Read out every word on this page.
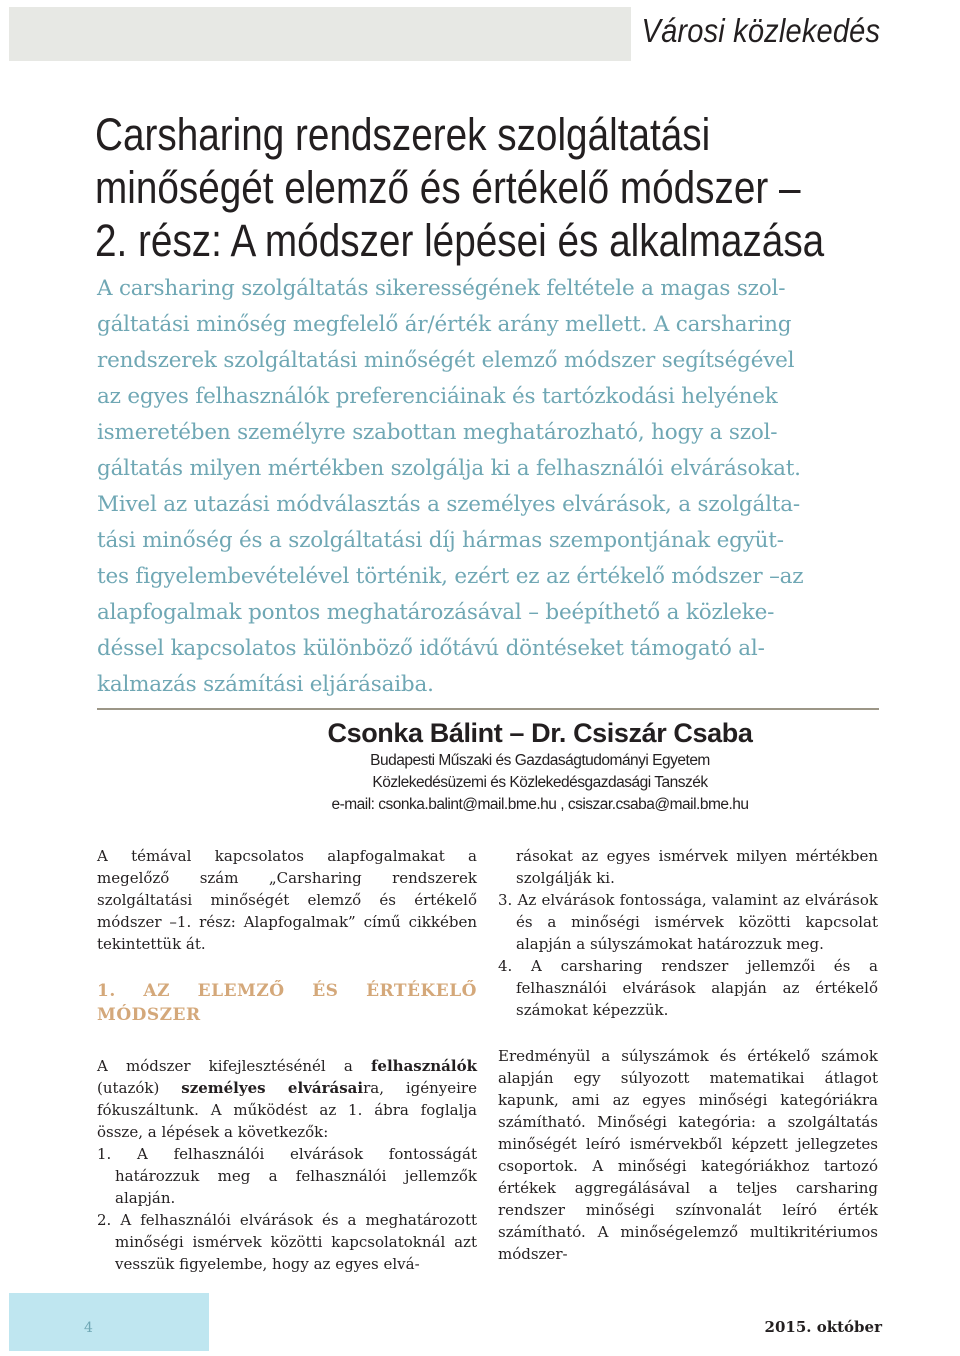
Városi közlekedés
Carsharing rendszerek szolgáltatási
minőségét elemző és értékelő módszer –
2. rész: A módszer lépései és alkalmazása
A carsharing szolgáltatás sikerességének feltétele a magas szol-
gáltatási minőség megfelelő ár/érték arány mellett. A carsharing
rendszerek szolgáltatási minőségét elemző módszer segítségével
az egyes felhasználók preferenciáinak és tartózkodási helyének
ismeretében személyre szabottan meghatározható, hogy a szol-
gáltatás milyen mértékben szolgálja ki a felhasználói elvárásokat.
Mivel az utazási módválasztás a személyes elvárások, a szolgálta-
tási minőség és a szolgáltatási díj hármas szempontjának együt-
tes figyelembevételével történik, ezért ez az értékelő módszer –az
alapfogalmak pontos meghatározásával – beépíthető a közleke-
déssel kapcsolatos különböző időtávú döntéseket támogató al-
kalmazás számítási eljárásaiba.
Csonka Bálint – Dr. Csiszár Csaba
Budapesti Műszaki és Gazdaságtudományi Egyetem
Közlekedésüzemi és Közlekedésgazdasági Tanszék
e-mail: csonka.balint@mail.bme.hu , csiszar.csaba@mail.bme.hu

A témával kapcsolatos alapfogalmakat a megelőző szám „Carsharing rendszerek szolgáltatási minőségét elemző és értékelő módszer –1. rész: Alapfogalmak” című cikkében tekintettük át.

1. AZ ELEMZŐ ÉS ÉRTÉKELŐ MÓDSZER

A módszer kifejlesztésénél a felhasználók (utazók) személyes elvárásaira, igényeire fókuszáltunk. A működést az 1. ábra foglalja össze, a lépések a következők:

1. A felhasználói elvárások fontosságát határozzuk meg a felhasználói jellemzők alapján.

2. A felhasználói elvárások és a meghatározott minőségi ismérvek közötti kapcsolatoknál azt vesszük figyelembe, hogy az egyes elvá-

rásokat az egyes ismérvek milyen mértékben szolgálják ki.

3. Az elvárások fontossága, valamint az elvárások és a minőségi ismérvek közötti kapcsolat alapján a súlyszámokat határozzuk meg.

4. A carsharing rendszer jellemzői és a felhasználói elvárások alapján az értékelő számokat képezzük.

Eredményül a súlyszámok és értékelő számok alapján egy súlyozott matematikai átlagot kapunk, ami az egyes minőségi kategóriákra számítható. Minőségi kategória: a szolgáltatás minőségét leíró ismérvekből képzett jellegzetes csoportok. A minőségi kategóriákhoz tartozó értékek aggregálásával a teljes carsharing rendszer minőségi színvonalát leíró érték számítható. A minőségelemző multikritériumos módszer-

4	2015. október
